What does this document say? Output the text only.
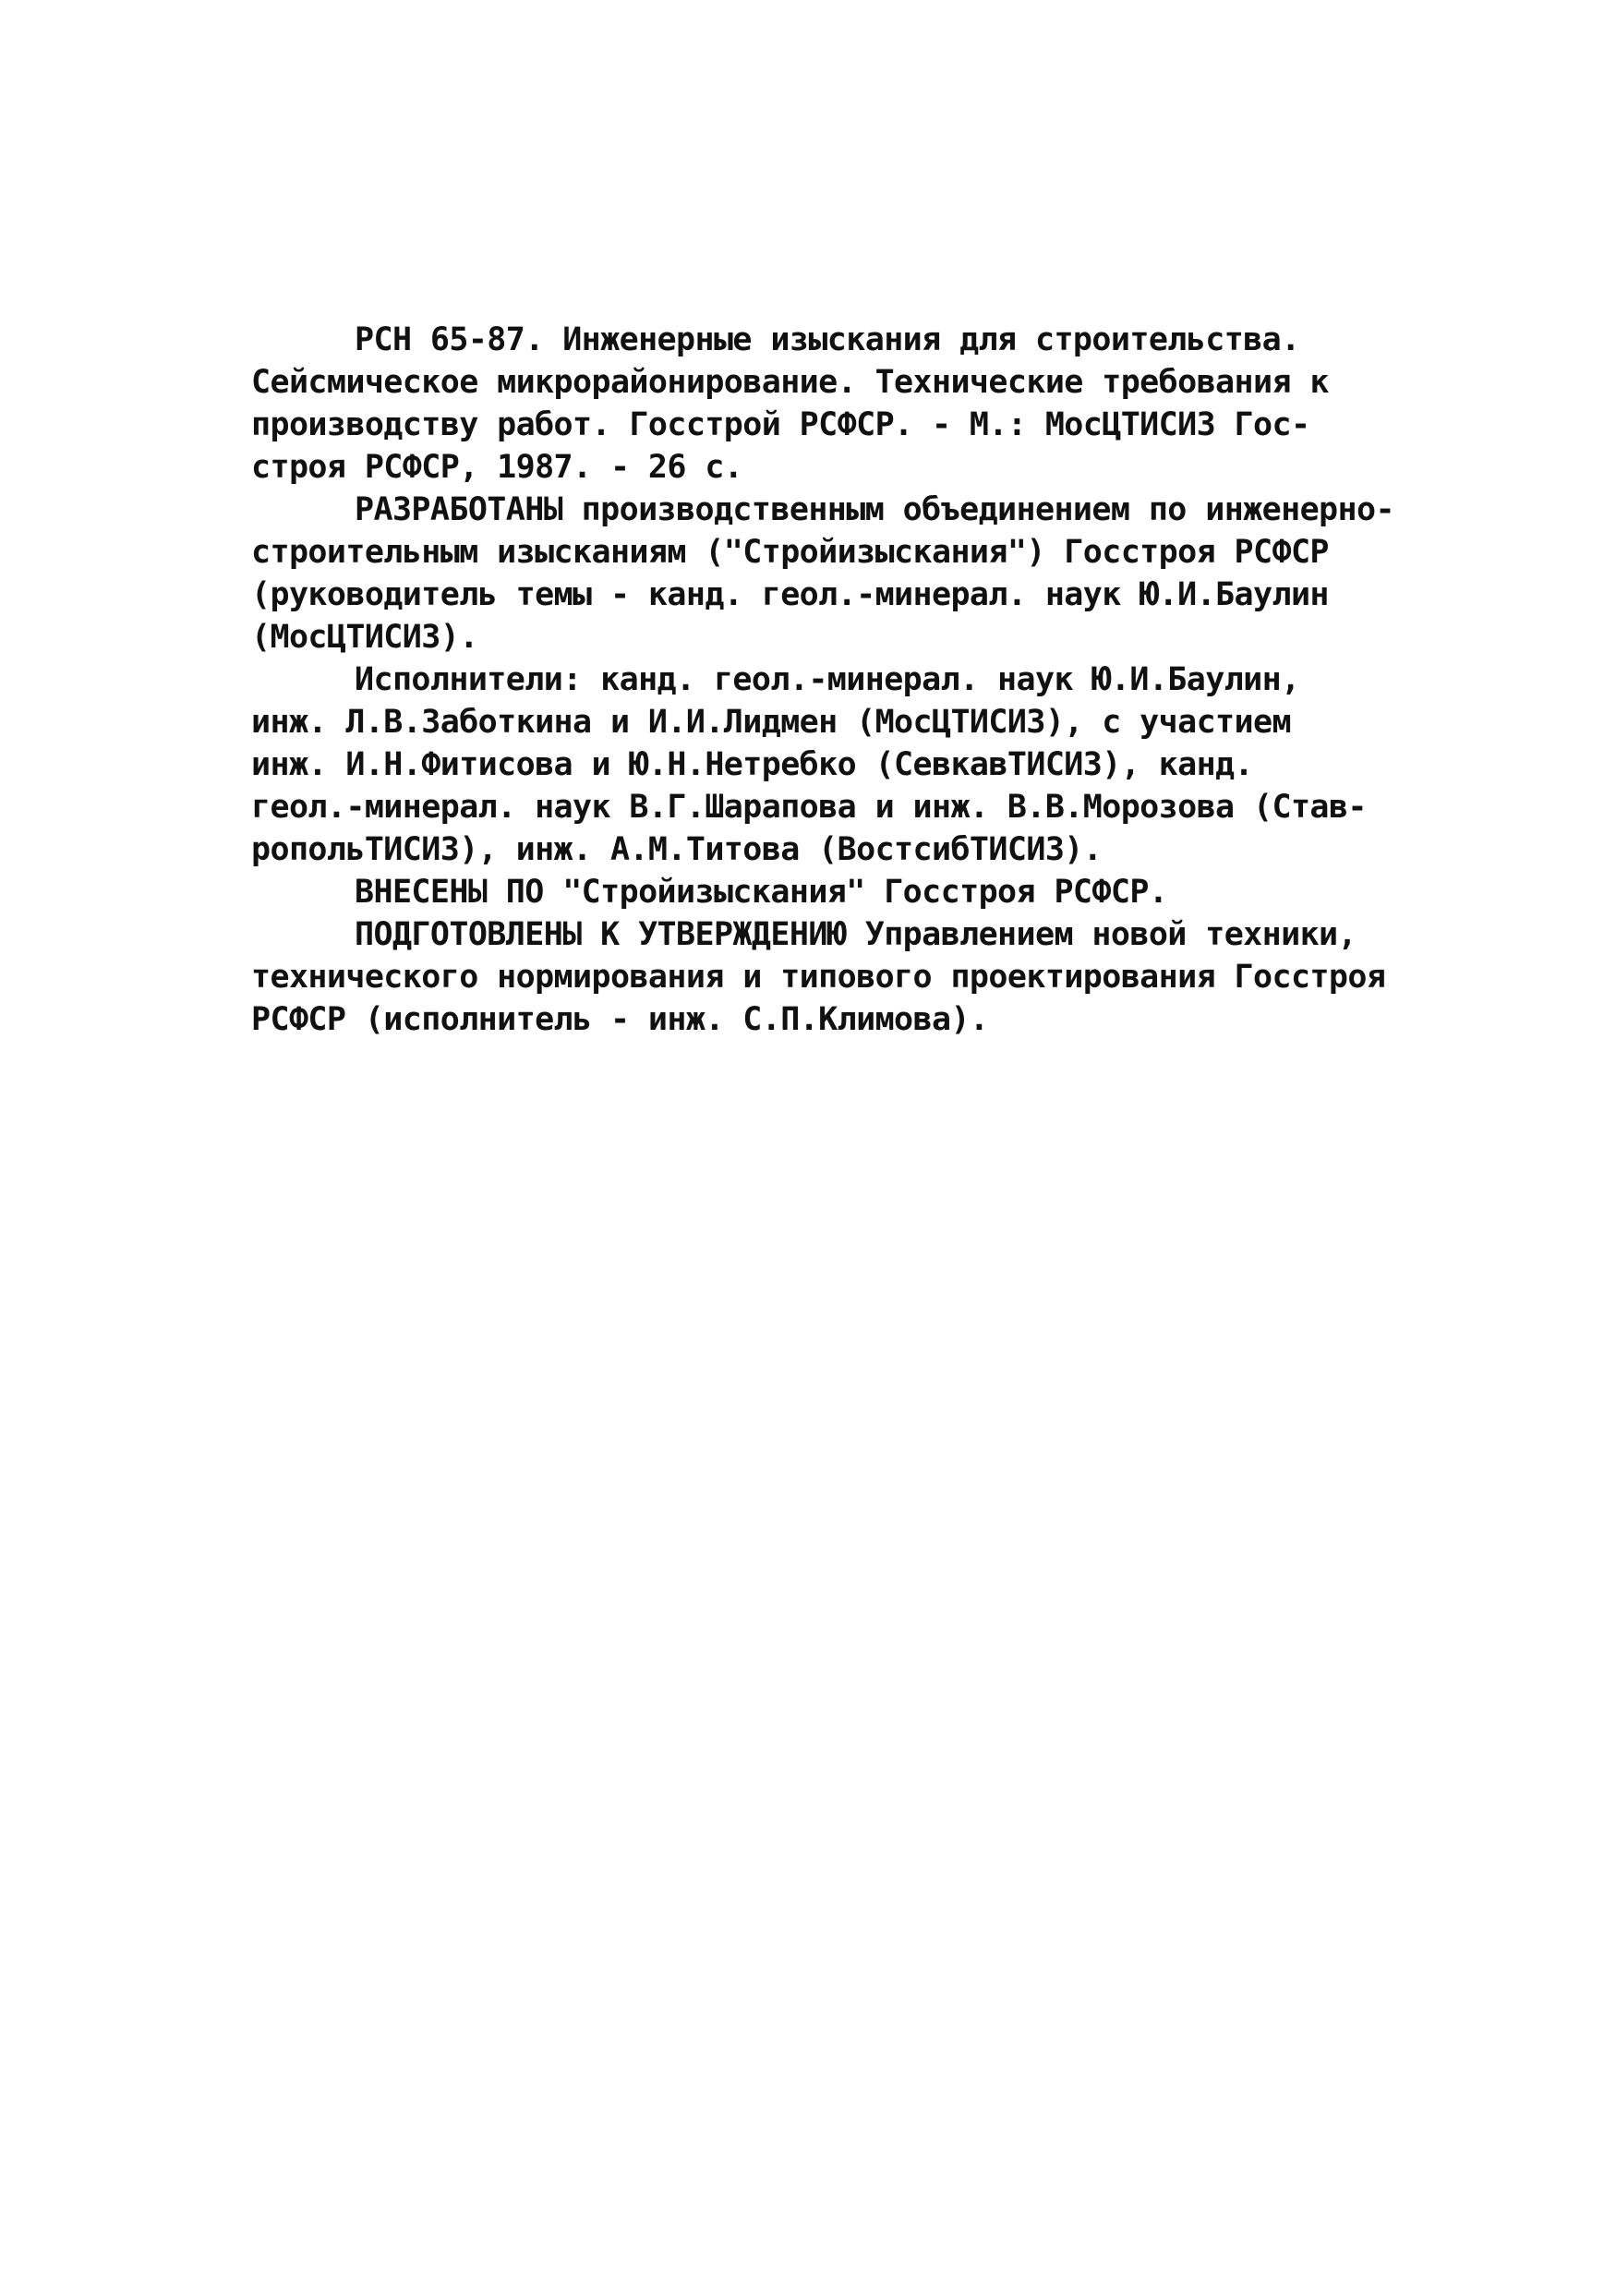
РСН 65-87. Инженерные изыскания для строительства.
Сейсмическое микрорайонирование. Технические требования к
производству работ. Госстрой РСФСР. - М.: МосЦТИСИЗ Гос-
строя РСФСР, 1987. - 26 с.
РАЗРАБОТАНЫ производственным объединением по инженерно-
строительным изысканиям ("Стройизыскания") Госстроя РСФСР
(руководитель темы - канд. геол.-минерал. наук Ю.И.Баулин
(МосЦТИСИЗ).
Исполнители: канд. геол.-минерал. наук Ю.И.Баулин,
инж. Л.В.Заботкина и И.И.Лидмен (МосЦТИСИЗ), с участием
инж. И.Н.Фитисова и Ю.Н.Нетребко (СевкавТИСИЗ), канд.
геол.-минерал. наук В.Г.Шарапова и инж. В.В.Морозова (Став-
ропольТИСИЗ), инж. А.М.Титова (ВостсибТИСИЗ).
ВНЕСЕНЫ ПО "Стройизыскания" Госстроя РСФСР.
ПОДГОТОВЛЕНЫ К УТВЕРЖДЕНИЮ Управлением новой техники,
технического нормирования и типового проектирования Госстроя
РСФСР (исполнитель - инж. С.П.Климова).
